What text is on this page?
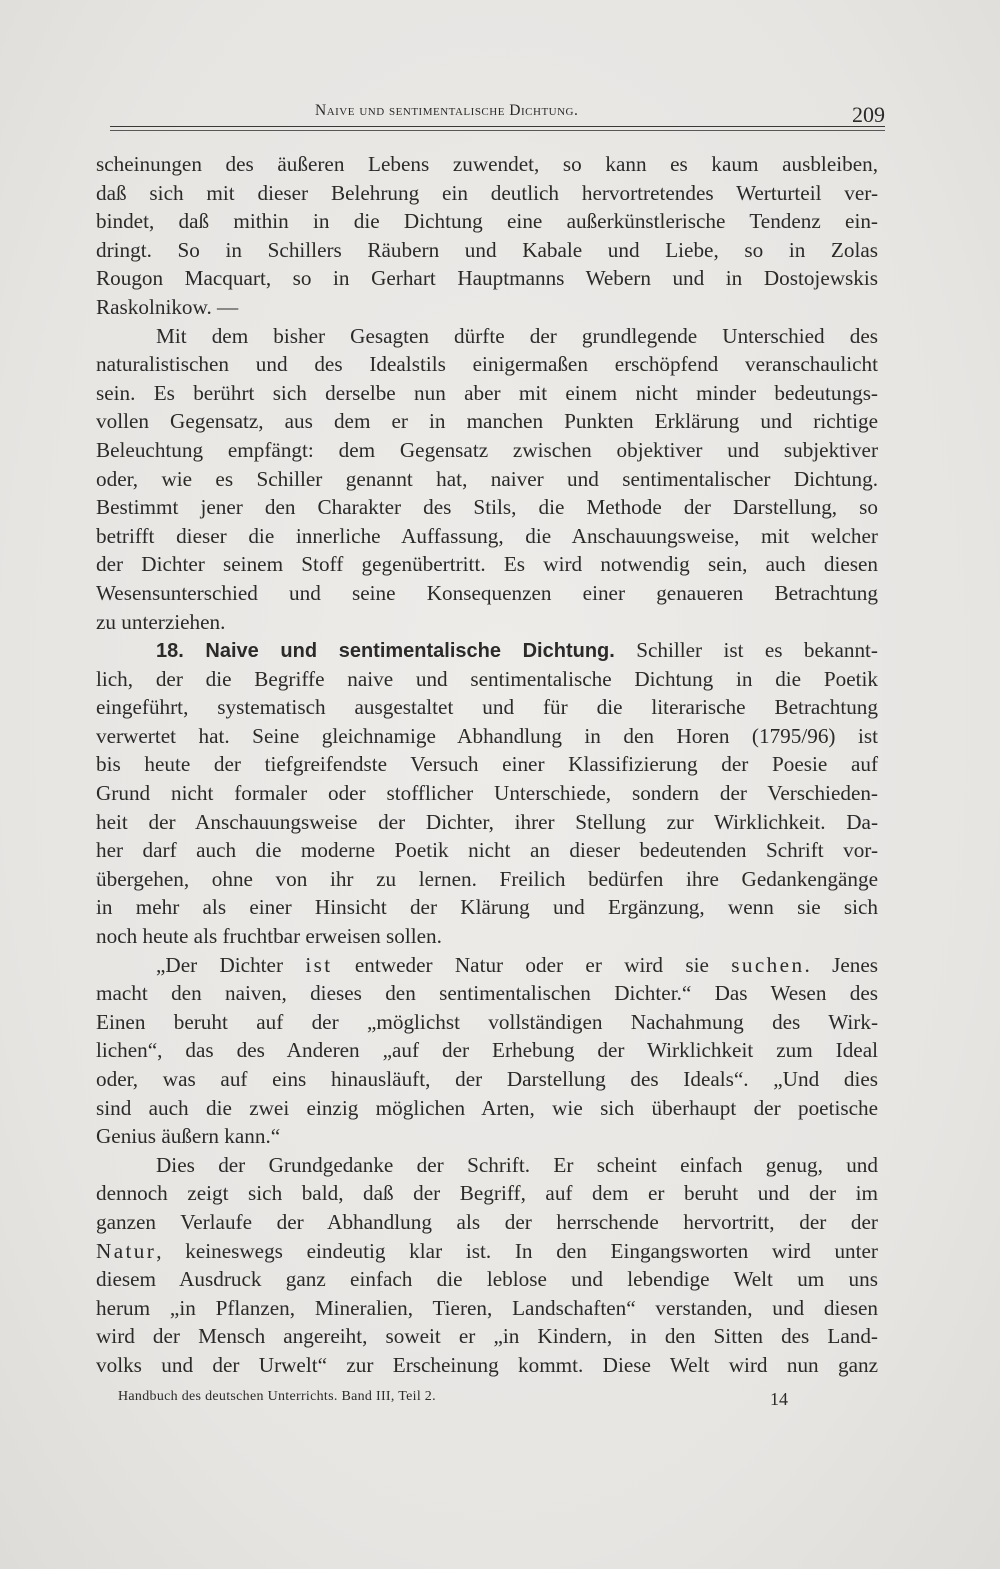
Naive und sentimentalische Dichtung.	209
scheinungen des äußeren Lebens zuwendet, so kann es kaum ausbleiben,
daß sich mit dieser Belehrung ein deutlich hervortretendes Werturteil ver-
bindet, daß mithin in die Dichtung eine außerkünstlerische Tendenz ein-
dringt. So in Schillers Räubern und Kabale und Liebe, so in Zolas
Rougon Macquart, so in Gerhart Hauptmanns Webern und in Dostojewskis
Raskolnikow. —
Mit dem bisher Gesagten dürfte der grundlegende Unterschied des
naturalistischen und des Idealstils einigermaßen erschöpfend veranschaulicht
sein. Es berührt sich derselbe nun aber mit einem nicht minder bedeutungs-
vollen Gegensatz, aus dem er in manchen Punkten Erklärung und richtige
Beleuchtung empfängt: dem Gegensatz zwischen objektiver und subjektiver
oder, wie es Schiller genannt hat, naiver und sentimentalischer Dichtung.
Bestimmt jener den Charakter des Stils, die Methode der Darstellung, so
betrifft dieser die innerliche Auffassung, die Anschauungsweise, mit welcher
der Dichter seinem Stoff gegenübertritt. Es wird notwendig sein, auch diesen
Wesensunterschied und seine Konsequenzen einer genaueren Betrachtung
zu unterziehen.
18. Naive und sentimentalische Dichtung. Schiller ist es bekannt-
lich, der die Begriffe naive und sentimentalische Dichtung in die Poetik
eingeführt, systematisch ausgestaltet und für die literarische Betrachtung
verwertet hat. Seine gleichnamige Abhandlung in den Horen (1795/96) ist
bis heute der tiefgreifendste Versuch einer Klassifizierung der Poesie auf
Grund nicht formaler oder stofflicher Unterschiede, sondern der Verschieden-
heit der Anschauungsweise der Dichter, ihrer Stellung zur Wirklichkeit. Da-
her darf auch die moderne Poetik nicht an dieser bedeutenden Schrift vor-
übergehen, ohne von ihr zu lernen. Freilich bedürfen ihre Gedankengänge
in mehr als einer Hinsicht der Klärung und Ergänzung, wenn sie sich
noch heute als fruchtbar erweisen sollen.
„Der Dichter ist entweder Natur oder er wird sie suchen. Jenes
macht den naiven, dieses den sentimentalischen Dichter.“ Das Wesen des
Einen beruht auf der „möglichst vollständigen Nachahmung des Wirk-
lichen“, das des Anderen „auf der Erhebung der Wirklichkeit zum Ideal
oder, was auf eins hinausläuft, der Darstellung des Ideals“. „Und dies
sind auch die zwei einzig möglichen Arten, wie sich überhaupt der poetische
Genius äußern kann.“
Dies der Grundgedanke der Schrift. Er scheint einfach genug, und
dennoch zeigt sich bald, daß der Begriff, auf dem er beruht und der im
ganzen Verlaufe der Abhandlung als der herrschende hervortritt, der der
Natur, keineswegs eindeutig klar ist. In den Eingangsworten wird unter
diesem Ausdruck ganz einfach die leblose und lebendige Welt um uns
herum „in Pflanzen, Mineralien, Tieren, Landschaften“ verstanden, und diesen
wird der Mensch angereiht, soweit er „in Kindern, in den Sitten des Land-
volks und der Urwelt“ zur Erscheinung kommt. Diese Welt wird nun ganz
Handbuch des deutschen Unterrichts. Band III, Teil 2.	14
